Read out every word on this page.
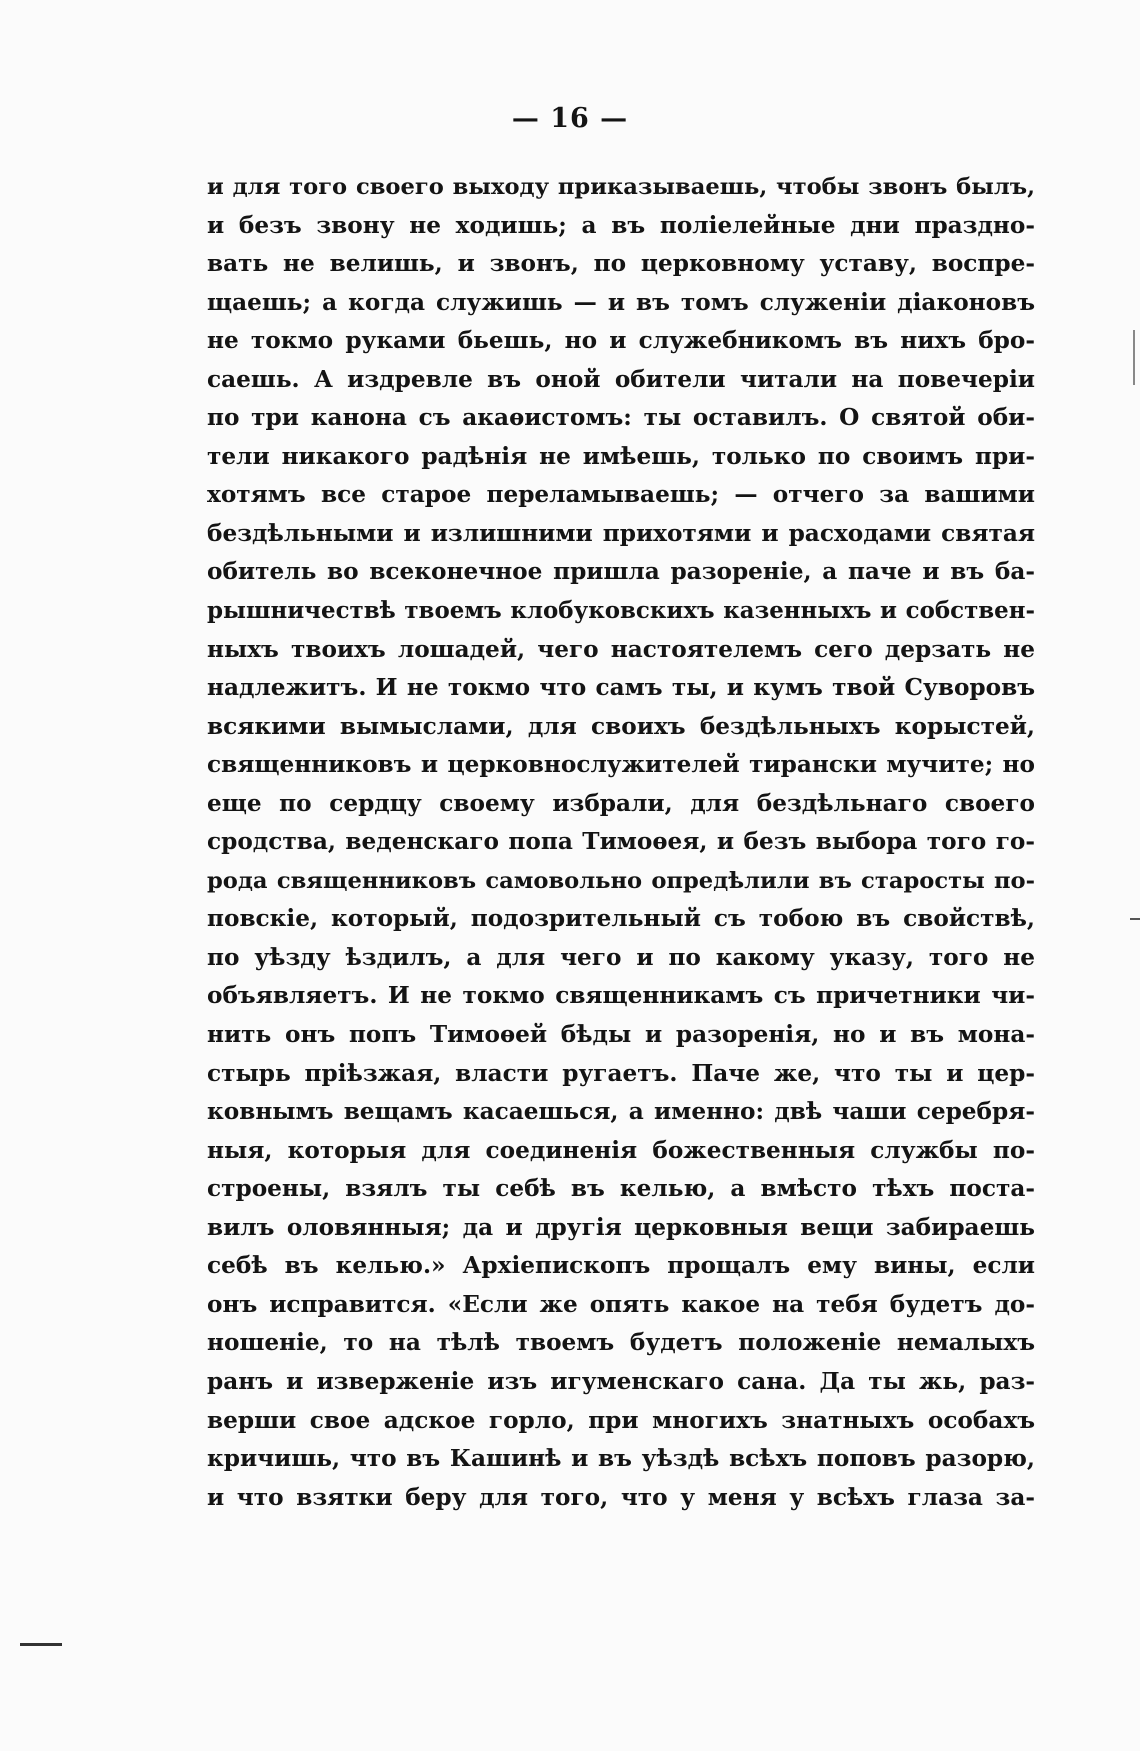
— 16 —
и для того своего выходу приказываешь, чтобы звонъ былъ,
и безъ звону не ходишь; а въ полiелейные дни праздно-
вать не велишь, и звонъ, по церковному уставу, воспре-
щаешь; а когда служишь — и въ томъ служенiи дiаконовъ
не токмо руками бьешь, но и служебникомъ въ нихъ бро-
саешь. А издревле въ оной обители читали на повечерiи
по три канона съ акаѳистомъ: ты оставилъ. О святой оби-
тели никакого радѣнiя не имѣешь, только по своимъ при-
хотямъ все старое переламываешь; — отчего за вашими
бездѣльными и излишними прихотями и расходами святая
обитель во всеконечное пришла разоренiе, а паче и въ ба-
рышничествѣ твоемъ клобуковскихъ казенныхъ и собствен-
ныхъ твоихъ лошадей, чего настоятелемъ сего дерзать не
надлежитъ. И не токмо что самъ ты, и кумъ твой Суворовъ
всякими вымыслами, для своихъ бездѣльныхъ корыстей,
священниковъ и церковнослужителей тирански мучите; но
еще по сердцу своему избрали, для бездѣльнаго своего
сродства, веденскаго попа Тимоѳея, и безъ выбора того го-
рода священниковъ самовольно опредѣлили въ старосты по-
повскiе, который, подозрительный съ тобою въ свойствѣ,
по уѣзду ѣздилъ, а для чего и по какому указу, того не
объявляетъ. И не токмо священникамъ съ причетники чи-
нить онъ попъ Тимоѳей бѣды и разоренiя, но и въ мона-
стырь прiѣзжая, власти ругаетъ. Паче же, что ты и цер-
ковнымъ вещамъ касаешься, а именно: двѣ чаши серебря-
ныя, которыя для соединенiя божественныя службы по-
строены, взялъ ты себѣ въ келью, а вмѣсто тѣхъ поста-
вилъ оловянныя; да и другiя церковныя вещи забираешь
себѣ въ келью.» Архiепископъ прощалъ ему вины, если
онъ исправится. «Если же опять какое на тебя будетъ до-
ношенiе, то на тѣлѣ твоемъ будетъ положенiе немалыхъ
ранъ и изверженiе изъ игуменскаго сана. Да ты жь, раз-
верши свое адское горло, при многихъ знатныхъ особахъ
кричишь, что въ Кашинѣ и въ уѣздѣ всѣхъ поповъ разорю,
и что взятки беру для того, что у меня у всѣхъ глаза за-
